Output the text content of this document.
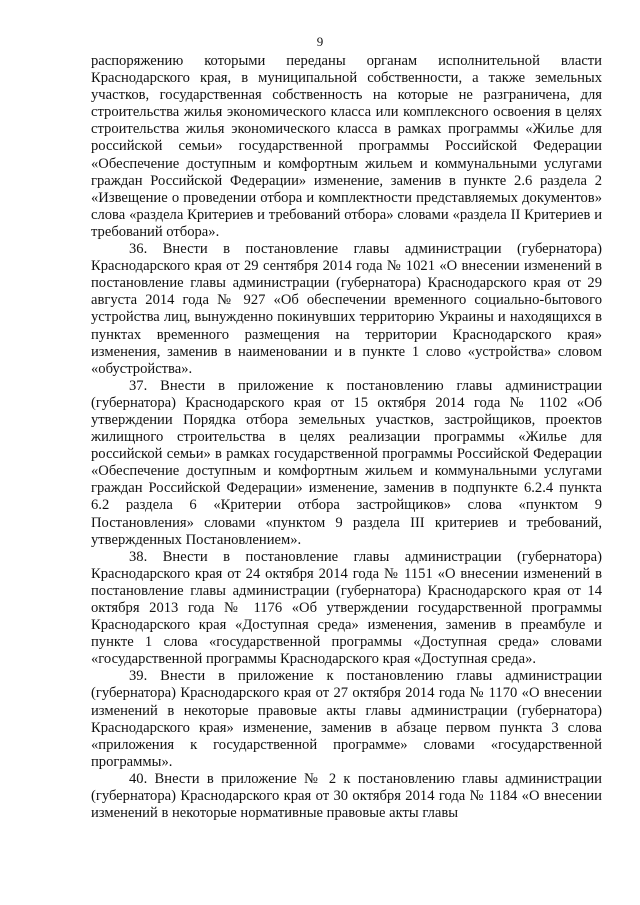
9

распоряжению которыми переданы органам исполнительной власти Краснодарского края, в муниципальной собственности, а также земельных участков, государственная собственность на которые не разграничена, для строительства жилья экономического класса или комплексного освоения в целях строительства жилья экономического класса в рамках программы «Жилье для российской семьи» государственной программы Российской Федерации «Обеспечение доступным и комфортным жильем и коммунальными услугами граждан Российской Федерации» изменение, заменив в пункте 2.6 раздела 2 «Извещение о проведении отбора и комплектности представляемых документов» слова «раздела Критериев и требований отбора» словами «раздела II Критериев и требований отбора».

36. Внести в постановление главы администрации (губернатора) Краснодарского края от 29 сентября 2014 года № 1021 «О внесении изменений в постановление главы администрации (губернатора) Краснодарского края от 29 августа 2014 года № 927 «Об обеспечении временного социально-бытового устройства лиц, вынужденно покинувших территорию Украины и находящихся в пунктах временного размещения на территории Краснодарского края» изменения, заменив в наименовании и в пункте 1 слово «устройства» словом «обустройства».

37. Внести в приложение к постановлению главы администрации (губернатора) Краснодарского края от 15 октября 2014 года № 1102 «Об утверждении Порядка отбора земельных участков, застройщиков, проектов жилищного строительства в целях реализации программы «Жилье для российской семьи» в рамках государственной программы Российской Федерации «Обеспечение доступным и комфортным жильем и коммунальными услугами граждан Российской Федерации» изменение, заменив в подпункте 6.2.4 пункта 6.2 раздела 6 «Критерии отбора застройщиков» слова «пунктом 9 Постановления» словами «пунктом 9 раздела III критериев и требований, утвержденных Постановлением».

38. Внести в постановление главы администрации (губернатора) Краснодарского края от 24 октября 2014 года № 1151 «О внесении изменений в постановление главы администрации (губернатора) Краснодарского края от 14 октября 2013 года № 1176 «Об утверждении государственной программы Краснодарского края «Доступная среда» изменения, заменив в преамбуле и пункте 1 слова «государственной программы «Доступная среда» словами «государственной программы Краснодарского края «Доступная среда».

39. Внести в приложение к постановлению главы администрации (губернатора) Краснодарского края от 27 октября 2014 года № 1170 «О внесении изменений в некоторые правовые акты главы администрации (губернатора) Краснодарского края» изменение, заменив в абзаце первом пункта 3 слова «приложения к государственной программе» словами «государственной программы».

40. Внести в приложение № 2 к постановлению главы администрации (губернатора) Краснодарского края от 30 октября 2014 года № 1184 «О внесении изменений в некоторые нормативные правовые акты главы
